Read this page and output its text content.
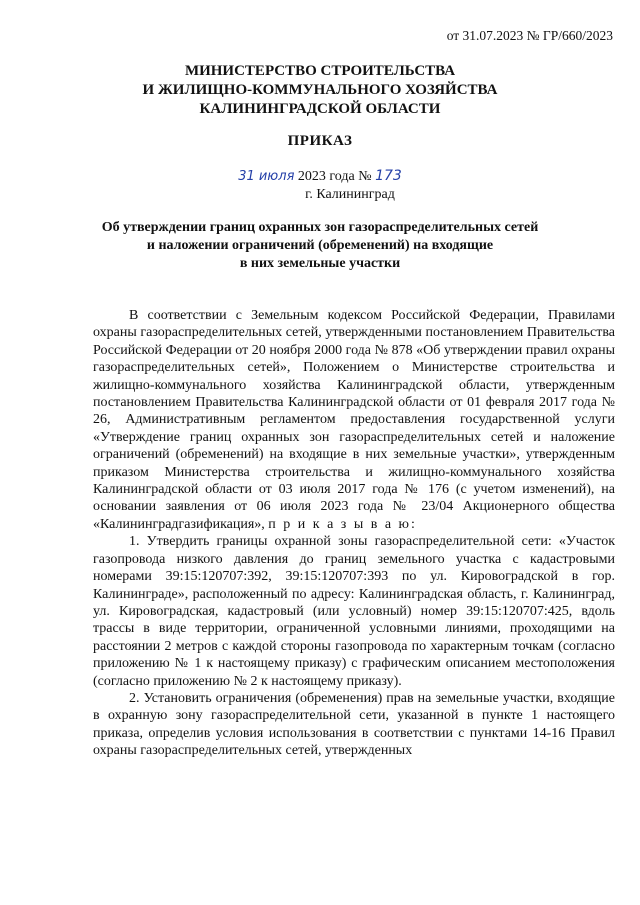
от 31.07.2023 № ГР/660/2023
МИНИСТЕРСТВО СТРОИТЕЛЬСТВА
И ЖИЛИЩНО-КОММУНАЛЬНОГО ХОЗЯЙСТВА
КАЛИНИНГРАДСКОЙ ОБЛАСТИ
ПРИКАЗ
31 июля 2023 года № 173
г. Калининград
Об утверждении границ охранных зон газораспределительных сетей
и наложении ограничений (обременений) на входящие
в них земельные участки

В соответствии с Земельным кодексом Российской Федерации, Правилами охраны газораспределительных сетей, утвержденными постановлением Правительства Российской Федерации от 20 ноября 2000 года № 878 «Об утверждении правил охраны газораспределительных сетей», Положением о Министерстве строительства и жилищно-коммунального хозяйства Калининградской области, утвержденным постановлением Правительства Калининградской области от 01 февраля 2017 года № 26, Административным регламентом предоставления государственной услуги «Утверждение границ охранных зон газораспределительных сетей и наложение ограничений (обременений) на входящие в них земельные участки», утвержденным приказом Министерства строительства и жилищно-коммунального хозяйства Калининградской области от 03 июля 2017 года № 176 (с учетом изменений), на основании заявления от 06 июля 2023 года № 23/04 Акционерного общества «Калининградгазификация», п р и к а з ы в а ю:

1. Утвердить границы охранной зоны газораспределительной сети: «Участок газопровода низкого давления до границ земельного участка с кадастровыми номерами 39:15:120707:392, 39:15:120707:393 по ул. Кировоградской в гор. Калининграде», расположенный по адресу: Калининградская область, г. Калининград, ул. Кировоградская, кадастровый (или условный) номер 39:15:120707:425, вдоль трассы в виде территории, ограниченной условными линиями, проходящими на расстоянии 2 метров с каждой стороны газопровода по характерным точкам (согласно приложению № 1 к настоящему приказу) с графическим описанием местоположения (согласно приложению № 2 к настоящему приказу).

2. Установить ограничения (обременения) прав на земельные участки, входящие в охранную зону газораспределительной сети, указанной в пункте 1 настоящего приказа, определив условия использования в соответствии с пунктами 14-16 Правил охраны газораспределительных сетей, утвержденных
